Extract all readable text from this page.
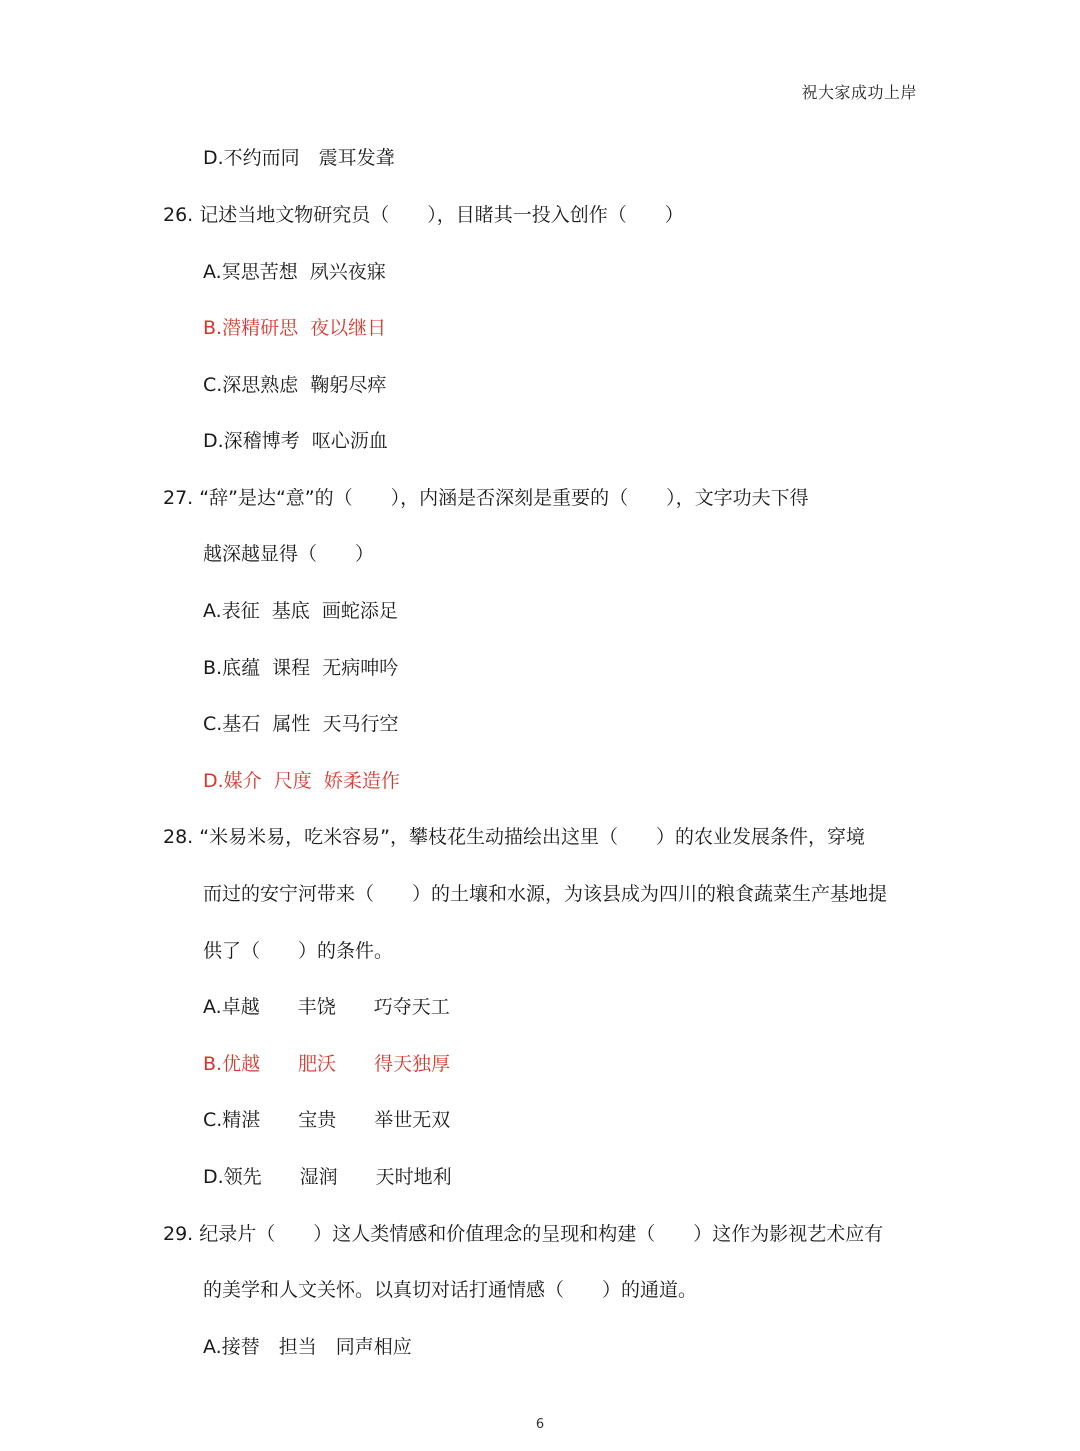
祝大家成功上岸
D.不约而同　震耳发聋
26. 记述当地文物研究员（　　），目睹其一投入创作（　　）
A.冥思苦想  夙兴夜寐
B.潜精研思  夜以继日
C.深思熟虑  鞠躬尽瘁
D.深稽博考  呕心沥血
27. “辞”是达“意”的（　　），内涵是否深刻是重要的（　　），文字功夫下得
越深越显得（　　）
A.表征  基底  画蛇添足
B.底蕴  课程  无病呻吟
C.基石  属性  天马行空
D.媒介  尺度  娇柔造作
28. “米易米易，吃米容易”，攀枝花生动描绘出这里（　　）的农业发展条件，穿境
而过的安宁河带来（　　）的土壤和水源，为该县成为四川的粮食蔬菜生产基地提
供了（　　）的条件。
A.卓越　　丰饶　　巧夺天工
B.优越　　肥沃　　得天独厚
C.精湛　　宝贵　　举世无双
D.领先　　湿润　　天时地利
29. 纪录片（　　）这人类情感和价值理念的呈现和构建（　　）这作为影视艺术应有
的美学和人文关怀。以真切对话打通情感（　　）的通道。
A.接替　担当　同声相应
6
